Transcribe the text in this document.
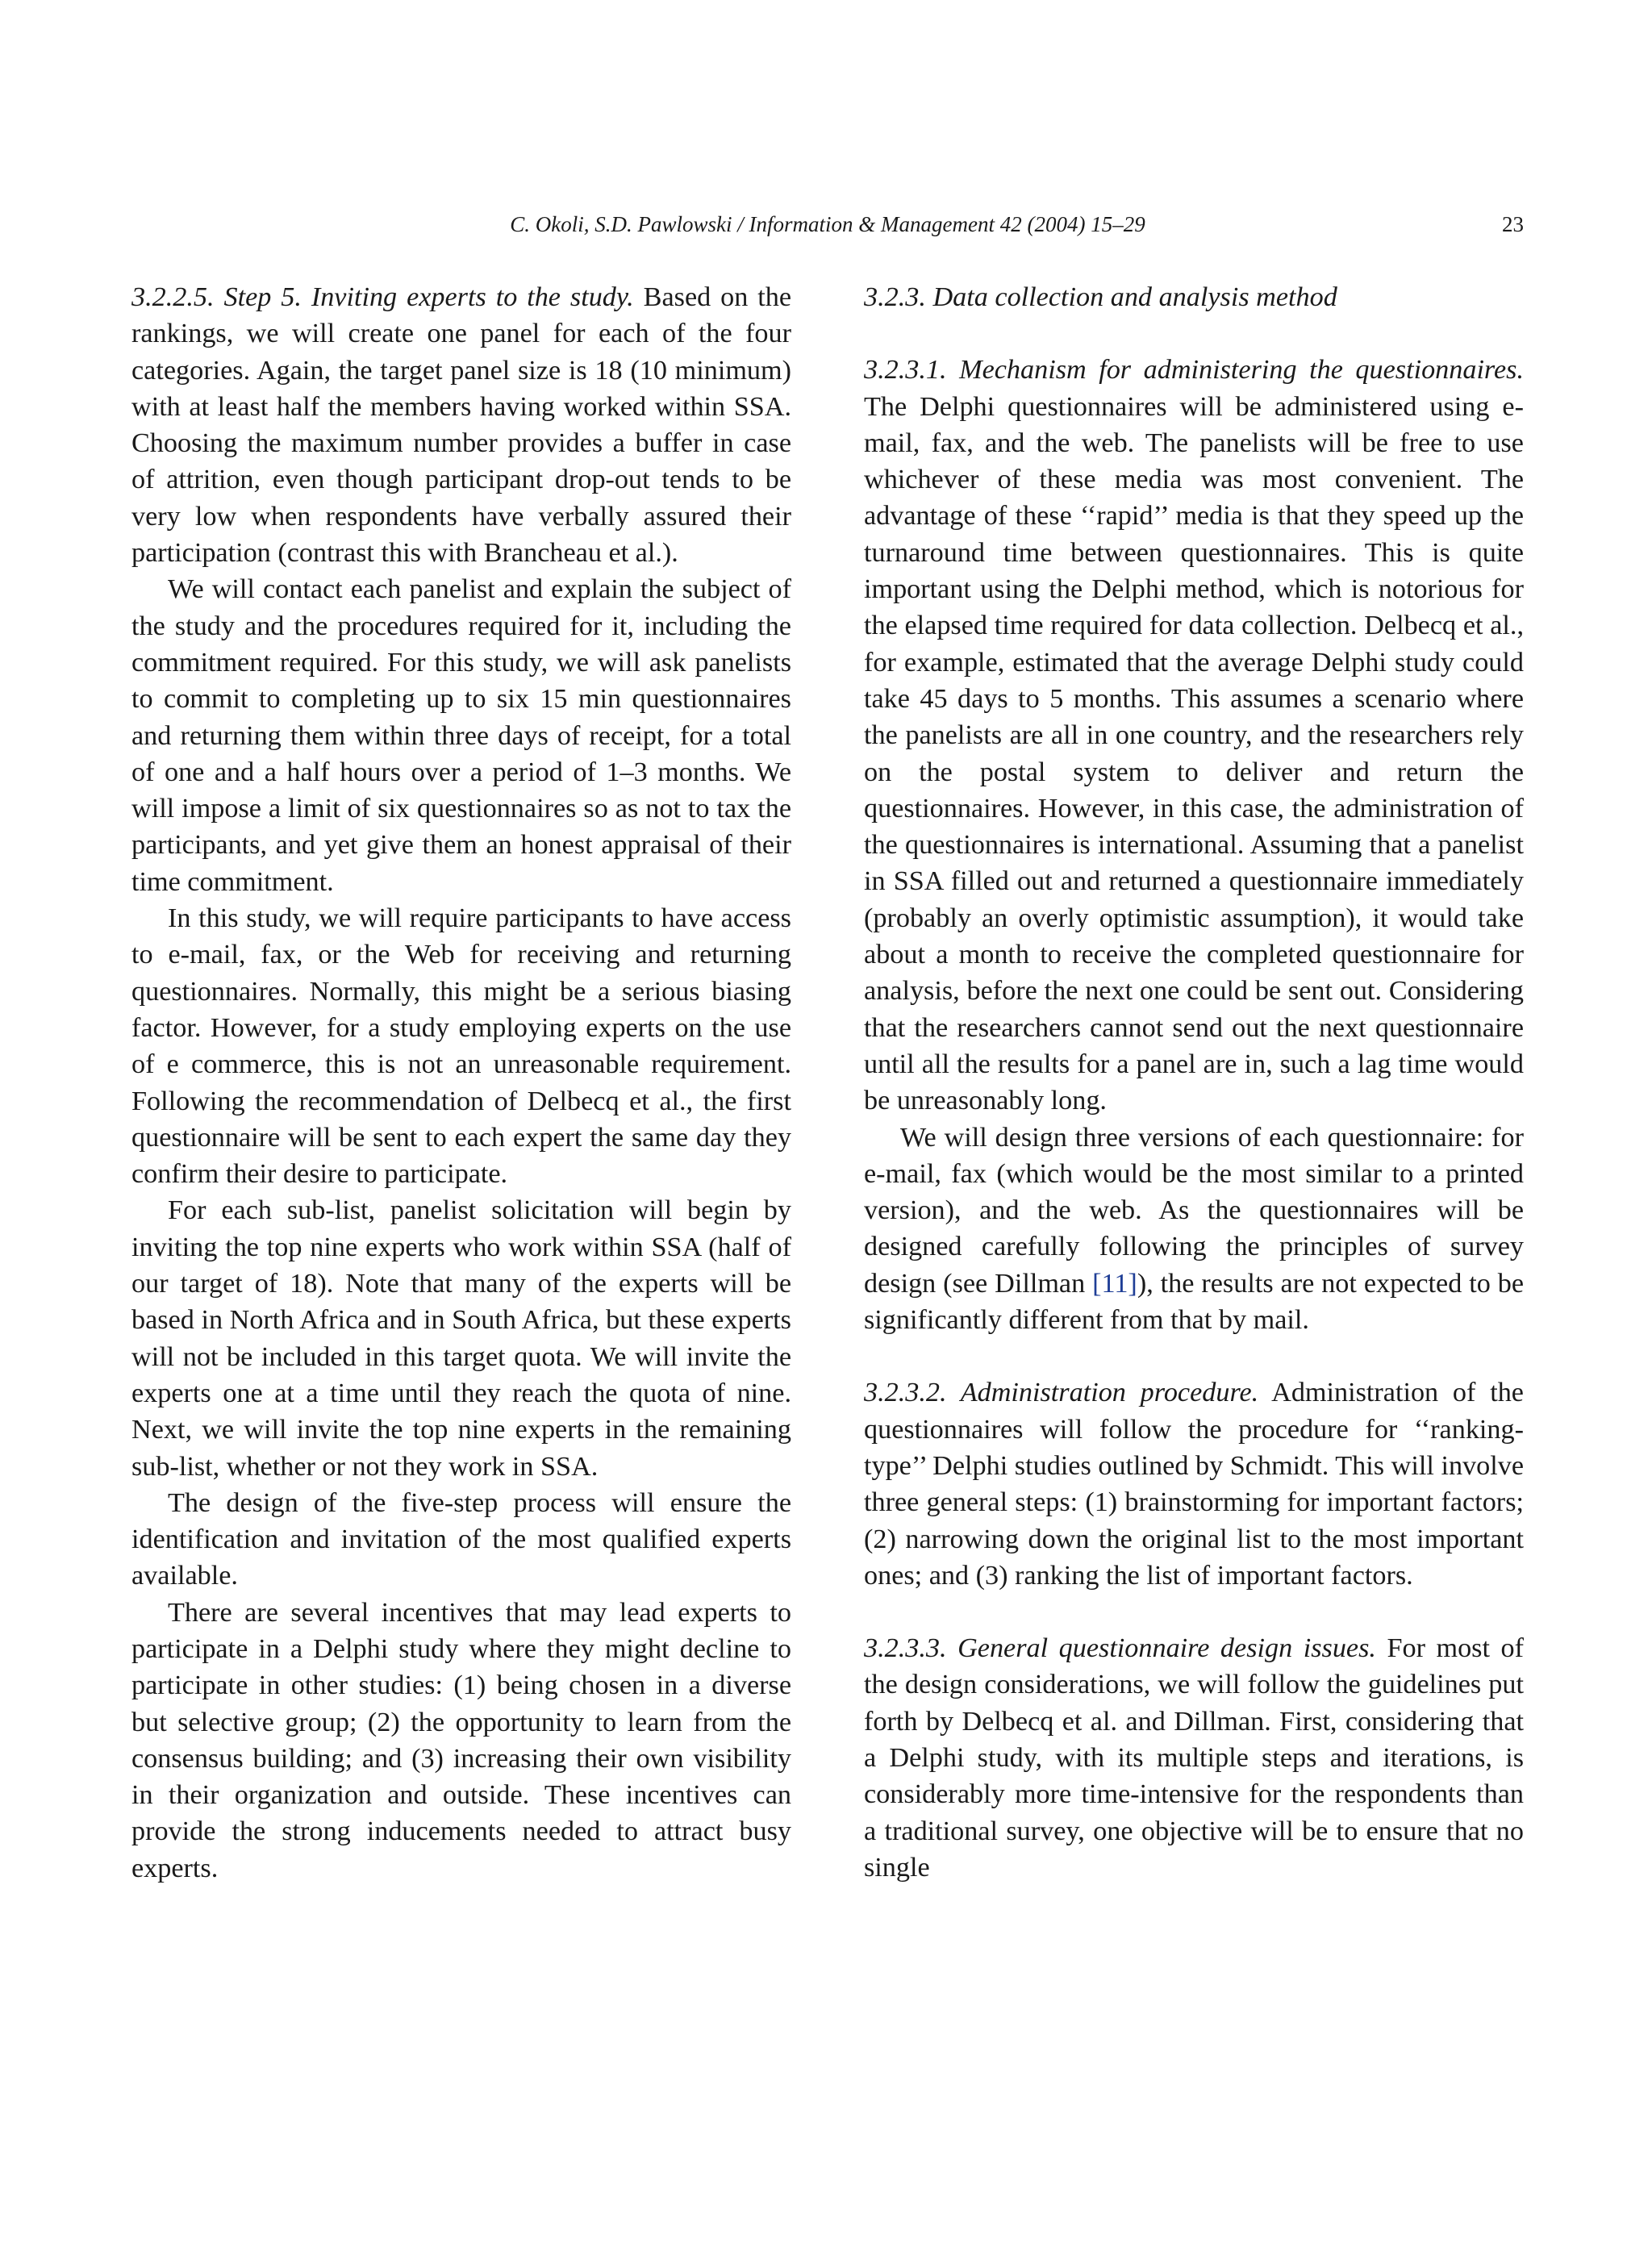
C. Okoli, S.D. Pawlowski / Information & Management 42 (2004) 15–29	23

3.2.2.5. Step 5. Inviting experts to the study. Based on the rankings, we will create one panel for each of the four categories. Again, the target panel size is 18 (10 minimum) with at least half the members having worked within SSA. Choosing the maximum number provides a buffer in case of attrition, even though participant drop-out tends to be very low when respondents have verbally assured their participation (contrast this with Brancheau et al.).

We will contact each panelist and explain the subject of the study and the procedures required for it, including the commitment required. For this study, we will ask panelists to commit to completing up to six 15 min questionnaires and returning them within three days of receipt, for a total of one and a half hours over a period of 1–3 months. We will impose a limit of six questionnaires so as not to tax the participants, and yet give them an honest appraisal of their time commitment.

In this study, we will require participants to have access to e-mail, fax, or the Web for receiving and returning questionnaires. Normally, this might be a serious biasing factor. However, for a study employing experts on the use of e commerce, this is not an unreasonable requirement. Following the recommendation of Delbecq et al., the first questionnaire will be sent to each expert the same day they confirm their desire to participate.

For each sub-list, panelist solicitation will begin by inviting the top nine experts who work within SSA (half of our target of 18). Note that many of the experts will be based in North Africa and in South Africa, but these experts will not be included in this target quota. We will invite the experts one at a time until they reach the quota of nine. Next, we will invite the top nine experts in the remaining sub-list, whether or not they work in SSA.

The design of the five-step process will ensure the identification and invitation of the most qualified experts available.

There are several incentives that may lead experts to participate in a Delphi study where they might decline to participate in other studies: (1) being chosen in a diverse but selective group; (2) the opportunity to learn from the consensus building; and (3) increasing their own visibility in their organization and outside. These incentives can provide the strong inducements needed to attract busy experts.

3.2.3. Data collection and analysis method

3.2.3.1. Mechanism for administering the questionnaires. The Delphi questionnaires will be administered using e-mail, fax, and the web. The panelists will be free to use whichever of these media was most convenient. The advantage of these ‘‘rapid’’ media is that they speed up the turnaround time between questionnaires. This is quite important using the Delphi method, which is notorious for the elapsed time required for data collection. Delbecq et al., for example, estimated that the average Delphi study could take 45 days to 5 months. This assumes a scenario where the panelists are all in one country, and the researchers rely on the postal system to deliver and return the questionnaires. However, in this case, the administration of the questionnaires is international. Assuming that a panelist in SSA filled out and returned a questionnaire immediately (probably an overly optimistic assumption), it would take about a month to receive the completed questionnaire for analysis, before the next one could be sent out. Considering that the researchers cannot send out the next questionnaire until all the results for a panel are in, such a lag time would be unreasonably long.

We will design three versions of each questionnaire: for e-mail, fax (which would be the most similar to a printed version), and the web. As the questionnaires will be designed carefully following the principles of survey design (see Dillman [11]), the results are not expected to be significantly different from that by mail.

3.2.3.2. Administration procedure. Administration of the questionnaires will follow the procedure for ‘‘ranking-type’’ Delphi studies outlined by Schmidt. This will involve three general steps: (1) brainstorming for important factors; (2) narrowing down the original list to the most important ones; and (3) ranking the list of important factors.

3.2.3.3. General questionnaire design issues. For most of the design considerations, we will follow the guidelines put forth by Delbecq et al. and Dillman. First, considering that a Delphi study, with its multiple steps and iterations, is considerably more time-intensive for the respondents than a traditional survey, one objective will be to ensure that no single
